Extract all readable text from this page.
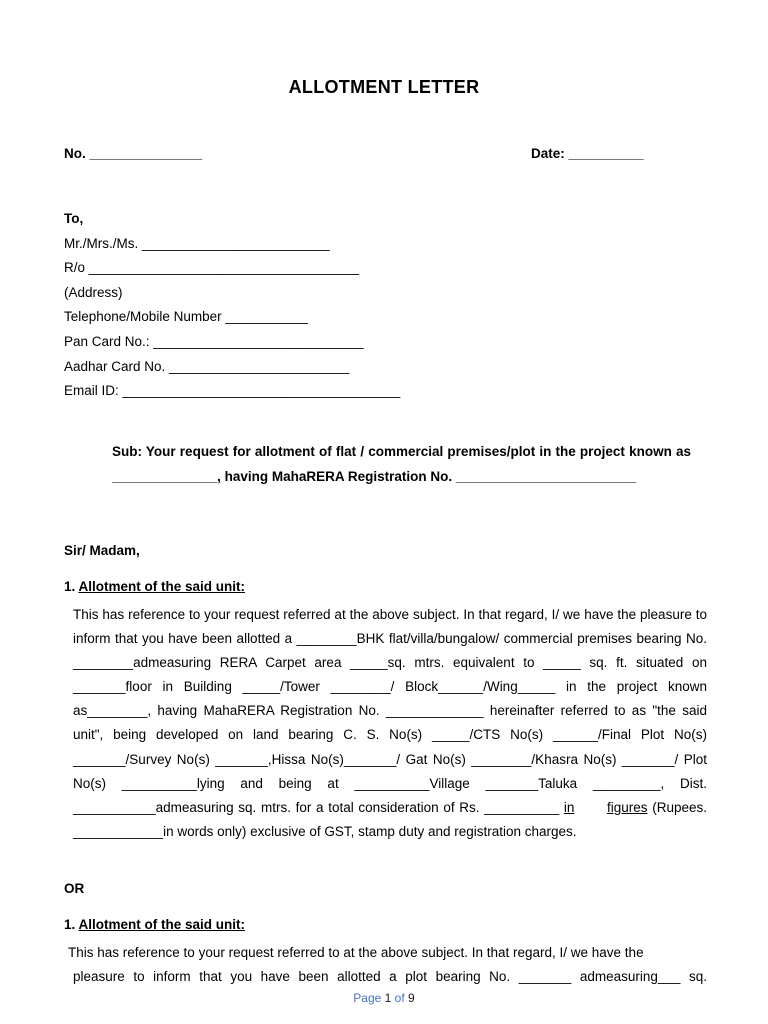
ALLOTMENT LETTER
No. _______________	Date: __________
To,
Mr./Mrs./Ms. _________________________
R/o ____________________________________
(Address)
Telephone/Mobile Number ___________
Pan Card No.: ____________________________
Aadhar Card No. ________________________
Email ID: _____________________________________
Sub: Your request for allotment of flat / commercial premises/plot in the project known as ______________, having MahaRERA Registration No. ________________________
Sir/ Madam,
1. Allotment of the said unit:
This has reference to your request referred at the above subject. In that regard, I/ we have the pleasure to inform that you have been allotted a ________BHK flat/villa/bungalow/ commercial premises bearing No. ________admeasuring RERA Carpet area _____sq. mtrs. equivalent to _____ sq. ft. situated on _______floor in Building _____/Tower ________/ Block______/Wing_____ in the project known as________, having MahaRERA Registration No. _____________ hereinafter referred to as "the said unit", being developed on land bearing C. S. No(s) _____/CTS No(s) ______/Final Plot No(s) _______/Survey No(s) _______,Hissa No(s)_______/ Gat No(s) ________/Khasra No(s) _______/ Plot No(s) __________lying and being at __________Village _______Taluka _________, Dist. ___________admeasuring sq. mtrs. for a total consideration of Rs. __________ in figures (Rupees. ____________in words only) exclusive of GST, stamp duty and registration charges.
OR
1. Allotment of the said unit:
This has reference to your request referred to at the above subject. In that regard, I/ we have the
pleasure to inform that you have been allotted a plot bearing No. _______ admeasuring___ sq.
Page 1 of 9
